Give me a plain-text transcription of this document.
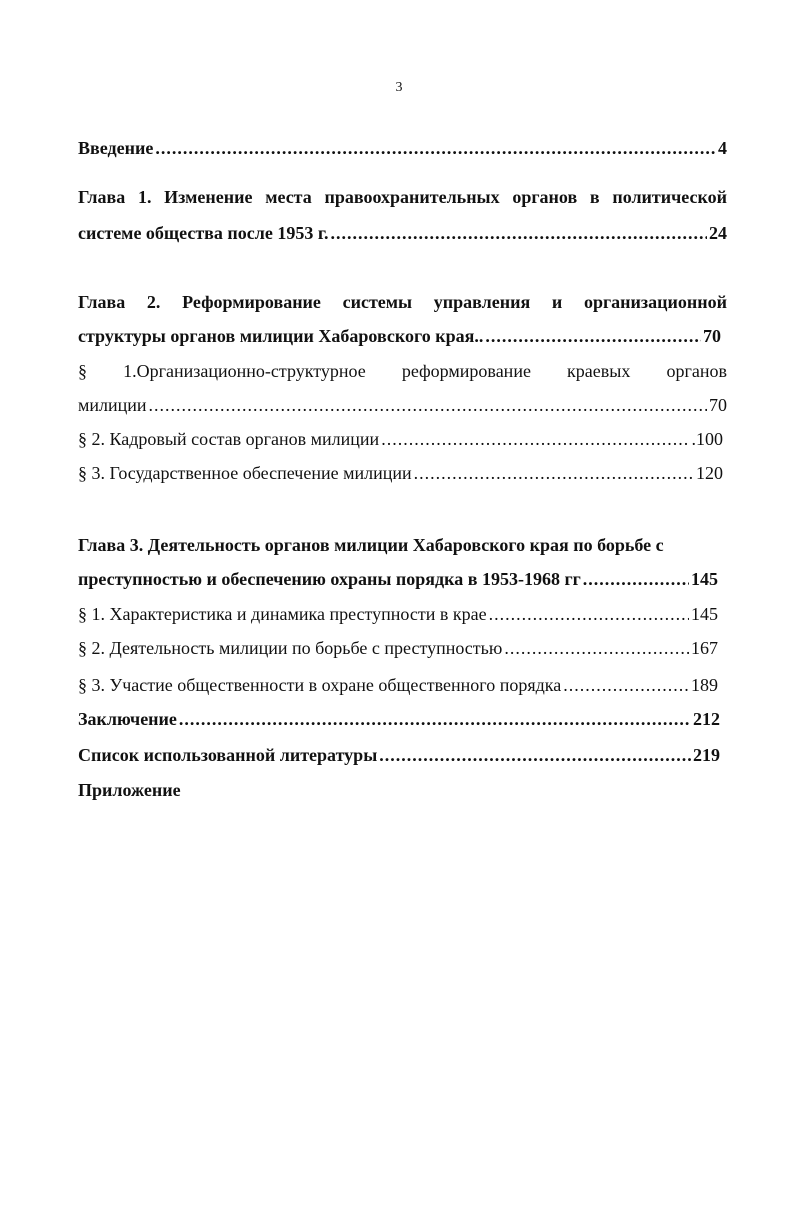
3
Введение .....	4
Глава 1. Изменение места правоохранительных органов в политической
системе общества после 1953 г. .....	24
Глава 2. Реформирование системы управления и организационной
структуры органов милиции Хабаровского края.. .....	70
§ 1.Организационно-структурное реформирование краевых органов
милиции .....	70
§ 2. Кадровый состав органов милиции .....	.100
§ 3. Государственное обеспечение милиции .....	120
Глава 3. Деятельность органов милиции Хабаровского края по борьбе с
преступностью и обеспечению охраны порядка в 1953-1968 гг .....	145
§ 1. Характеристика и динамика преступности в крае .....	145
§ 2. Деятельность милиции по борьбе с преступностью .....	167
§ 3. Участие общественности в охране общественного порядка .....	189
Заключение .....	212
Список использованной литературы .....	219
Приложение
